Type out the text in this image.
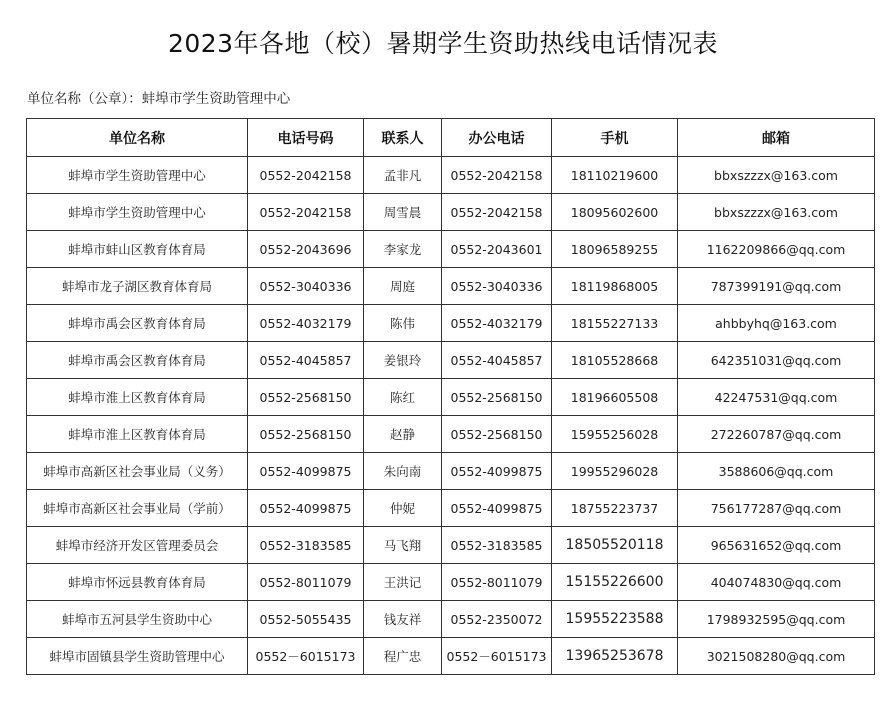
2023年各地（校）暑期学生资助热线电话情况表
单位名称（公章）：蚌埠市学生资助管理中心
单位名称	电话号码	联系人	办公电话	手机	邮箱
蚌埠市学生资助管理中心	0552-2042158	孟非凡	0552-2042158	18110219600	bbxszzzx@163.com
蚌埠市学生资助管理中心	0552-2042158	周雪晨	0552-2042158	18095602600	bbxszzzx@163.com
蚌埠市蚌山区教育体育局	0552-2043696	李家龙	0552-2043601	18096589255	1162209866@qq.com
蚌埠市龙子湖区教育体育局	0552-3040336	周庭	0552-3040336	18119868005	787399191@qq.com
蚌埠市禹会区教育体育局	0552-4032179	陈伟	0552-4032179	18155227133	ahbbyhq@163.com
蚌埠市禹会区教育体育局	0552-4045857	姜银玲	0552-4045857	18105528668	642351031@qq.com
蚌埠市淮上区教育体育局	0552-2568150	陈红	0552-2568150	18196605508	42247531@qq.com
蚌埠市淮上区教育体育局	0552-2568150	赵静	0552-2568150	15955256028	272260787@qq.com
蚌埠市高新区社会事业局（义务）	0552-4099875	朱向南	0552-4099875	19955296028	3588606@qq.com
蚌埠市高新区社会事业局（学前）	0552-4099875	仲妮	0552-4099875	18755223737	756177287@qq.com
蚌埠市经济开发区管理委员会	0552-3183585	马飞翔	0552-3183585	18505520118	965631652@qq.com
蚌埠市怀远县教育体育局	0552-8011079	王洪记	0552-8011079	15155226600	404074830@qq.com
蚌埠市五河县学生资助中心	0552-5055435	钱友祥	0552-2350072	15955223588	1798932595@qq.com
蚌埠市固镇县学生资助管理中心	0552－6015173	程广忠	0552－6015173	13965253678	3021508280@qq.com
